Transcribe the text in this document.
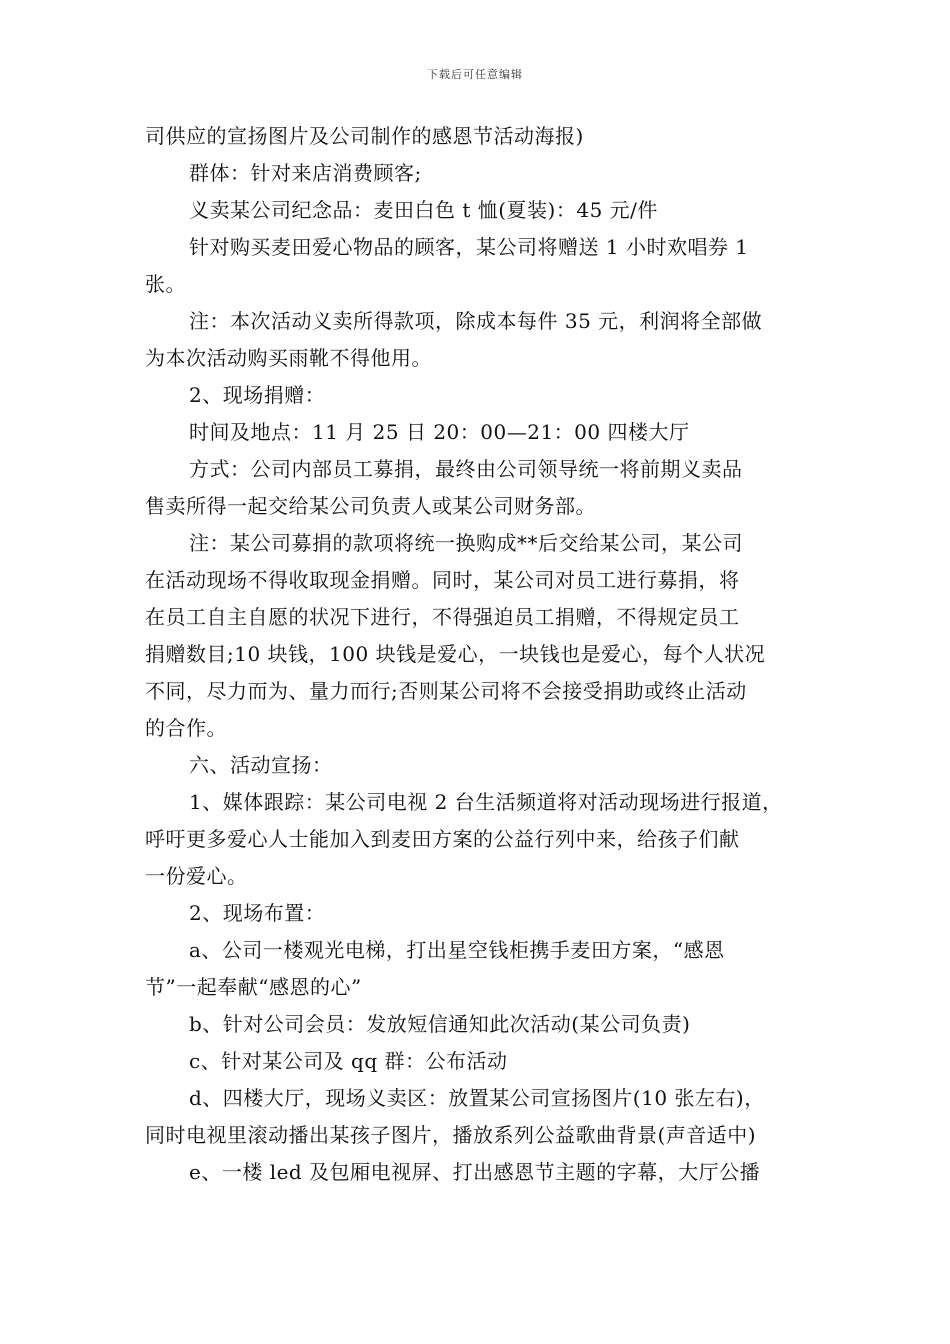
下载后可任意编辑
司供应的宣扬图片及公司制作的感恩节活动海报)
群体：针对来店消费顾客;
义卖某公司纪念品：麦田白色 t 恤(夏装)：45 元/件
针对购买麦田爱心物品的顾客，某公司将赠送 1 小时欢唱券 1
张。
注：本次活动义卖所得款项，除成本每件 35 元，利润将全部做
为本次活动购买雨靴不得他用。
2、现场捐赠：
时间及地点：11 月 25 日 20：00—21：00 四楼大厅
方式：公司内部员工募捐，最终由公司领导统一将前期义卖品
售卖所得一起交给某公司负责人或某公司财务部。
注：某公司募捐的款项将统一换购成**后交给某公司，某公司
在活动现场不得收取现金捐赠。同时，某公司对员工进行募捐，将
在员工自主自愿的状况下进行，不得强迫员工捐赠，不得规定员工
捐赠数目;10 块钱，100 块钱是爱心，一块钱也是爱心，每个人状况
不同，尽力而为、量力而行;否则某公司将不会接受捐助或终止活动
的合作。
六、活动宣扬：
1、媒体跟踪：某公司电视 2 台生活频道将对活动现场进行报道，
呼吁更多爱心人士能加入到麦田方案的公益行列中来，给孩子们献
一份爱心。
2、现场布置：
a、公司一楼观光电梯，打出星空钱柜携手麦田方案，“感恩
节”一起奉献“感恩的心”
b、针对公司会员：发放短信通知此次活动(某公司负责)
c、针对某公司及 qq 群：公布活动
d、四楼大厅，现场义卖区：放置某公司宣扬图片(10 张左右)，
同时电视里滚动播出某孩子图片，播放系列公益歌曲背景(声音适中)
e、一楼 led 及包厢电视屏、打出感恩节主题的字幕，大厅公播
